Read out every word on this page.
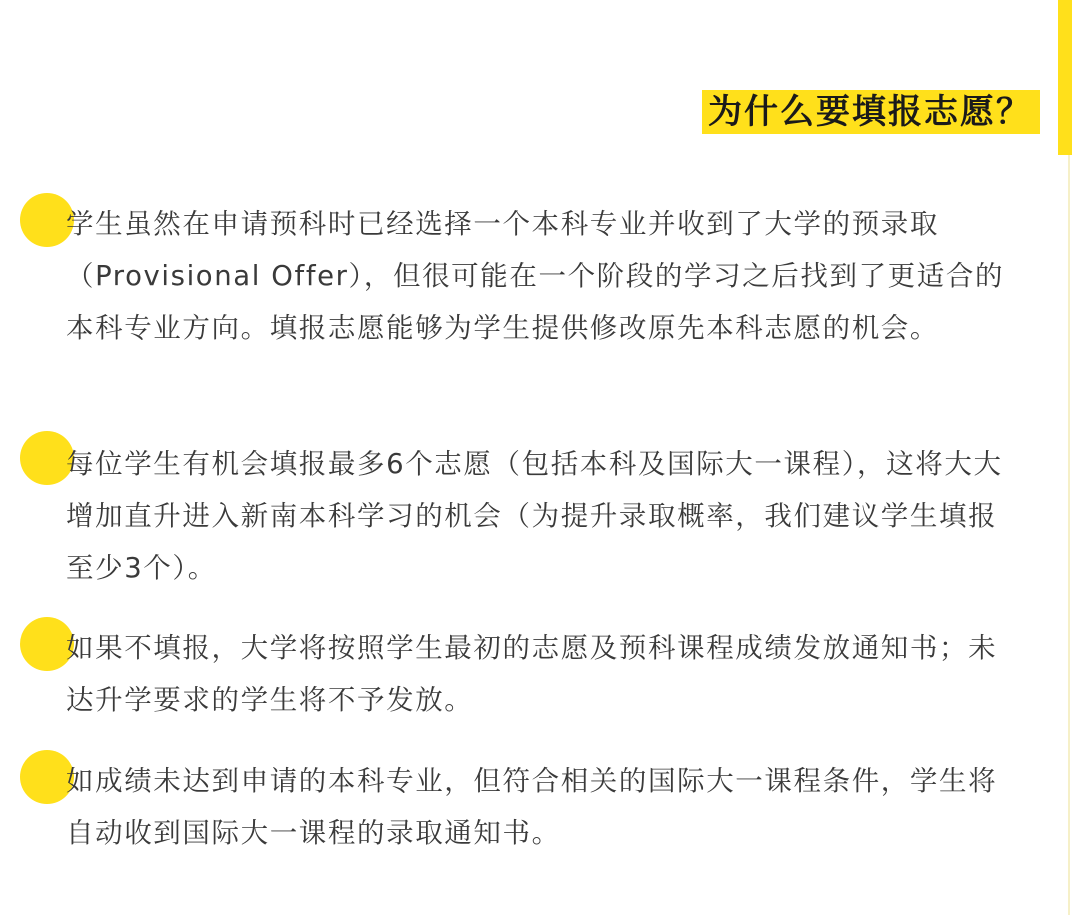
为什么要填报志愿？

学生虽然在申请预科时已经选择一个本科专业并收到了大学的预录取（Provisional Offer），但很可能在一个阶段的学习之后找到了更适合的本科专业方向。填报志愿能够为学生提供修改原先本科志愿的机会。

每位学生有机会填报最多6个志愿（包括本科及国际大一课程），这将大大增加直升进入新南本科学习的机会（为提升录取概率，我们建议学生填报至少3个）。

如果不填报，大学将按照学生最初的志愿及预科课程成绩发放通知书；未达升学要求的学生将不予发放。

如成绩未达到申请的本科专业，但符合相关的国际大一课程条件，学生将自动收到国际大一课程的录取通知书。
